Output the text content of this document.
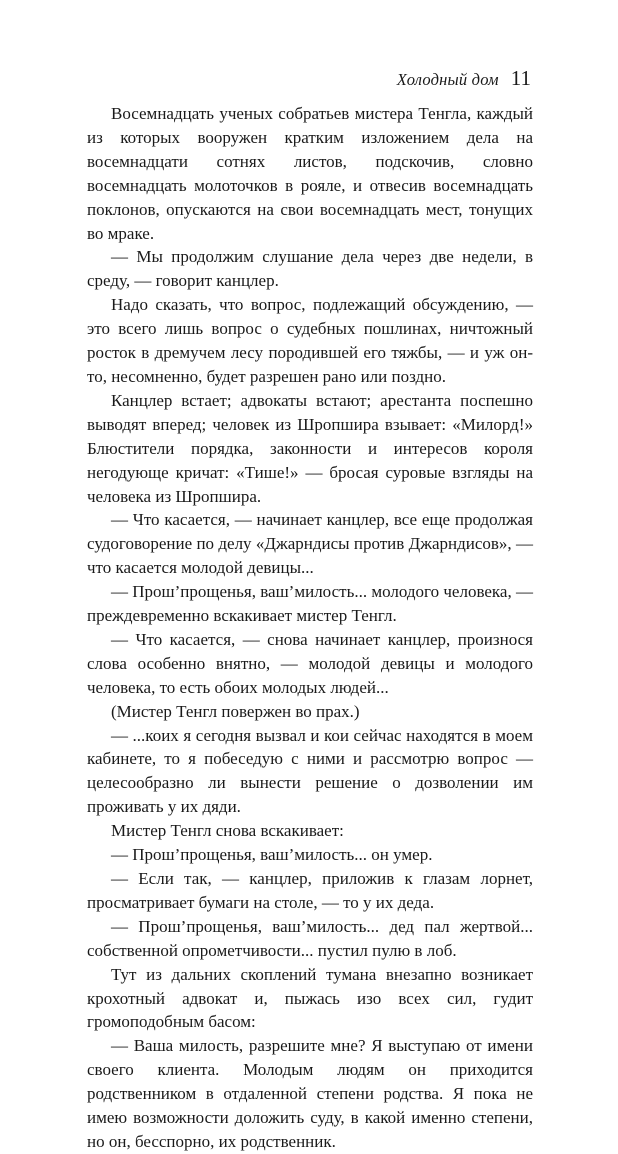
Холодный дом 11

Восемнадцать ученых собратьев мистера Тенгла, каждый из которых вооружен кратким изложением дела на восемнадцати сотнях листов, подскочив, словно восемнадцать молоточков в рояле, и отвесив восемнадцать поклонов, опускаются на свои восемнадцать мест, тонущих во мраке.

— Мы продолжим слушание дела через две недели, в среду, — говорит канцлер.

Надо сказать, что вопрос, подлежащий обсуждению, — это всего лишь вопрос о судебных пошлинах, ничтожный росток в дремучем лесу породившей его тяжбы, — и уж он-то, несомненно, будет разрешен рано или поздно.

Канцлер встает; адвокаты встают; арестанта поспешно выводят вперед; человек из Шропшира взывает: «Милорд!» Блюстители порядка, законности и интересов короля негодующе кричат: «Тише!» — бросая суровые взгляды на человека из Шропшира.

— Что касается, — начинает канцлер, все еще продолжая судоговорение по делу «Джарндисы против Джарндисов», — что касается молодой девицы...

— Прош’прощенья, ваш’милость... молодого человека, — преждевременно вскакивает мистер Тенгл.

— Что касается, — снова начинает канцлер, произнося слова особенно внятно, — молодой девицы и молодого человека, то есть обоих молодых людей...

(Мистер Тенгл повержен во прах.)

— ...коих я сегодня вызвал и кои сейчас находятся в моем кабинете, то я побеседую с ними и рассмотрю вопрос — целесообразно ли вынести решение о дозволении им проживать у их дяди.

Мистер Тенгл снова вскакивает:

— Прош’прощенья, ваш’милость... он умер.

— Если так, — канцлер, приложив к глазам лорнет, просматривает бумаги на столе, — то у их деда.

— Прош’прощенья, ваш’милость... дед пал жертвой... собственной опрометчивости... пустил пулю в лоб.

Тут из дальних скоплений тумана внезапно возникает крохотный адвокат и, пыжась изо всех сил, гудит громоподобным басом:

— Ваша милость, разрешите мне? Я выступаю от имени своего клиента. Молодым людям он приходится родственником в отдаленной степени родства. Я пока не имею возможности доложить суду, в какой именно степени, но он, бесспорно, их родственник.
